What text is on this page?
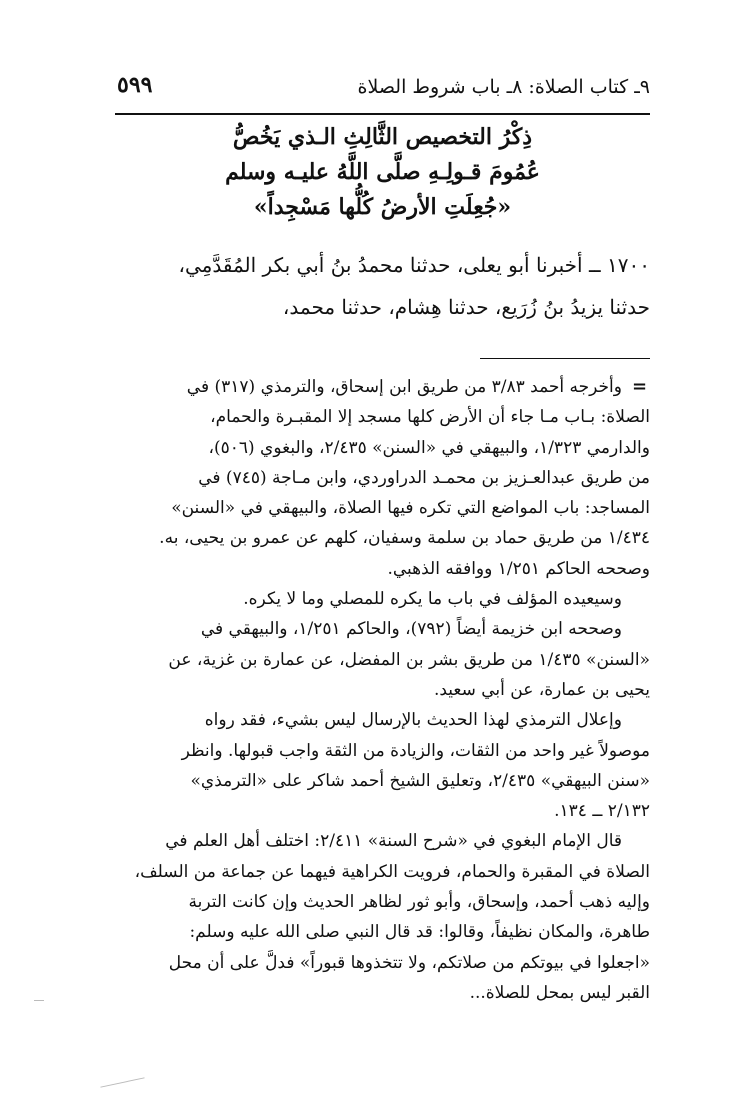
٩ـ كتاب الصلاة: ٨ـ باب شروط الصلاة
٥٩٩
ذِكْرُ التخصيص الثَّالِثِ الـذي يَخُصُّ
عُمُومَ قـولِـهِ صلَّى اللَّهُ عليـه وسلم
«جُعِلَتِ الأرضُ كُلُّها مَسْجِداً»
١٧٠٠ ــ أخبرنا أبو يعلى، حدثنا محمدُ بنُ أبي بكر المُقَدَّمِي،
حدثنا يزيدُ بنُ زُرَيع، حدثنا هِشام، حدثنا محمد،
=
وأخرجه أحمد ٣/٨٣ من طريق ابن إسحاق، والترمذي (٣١٧) في
الصلاة: بـاب مـا جاء أن الأرض كلها مسجد إلا المقبـرة والحمام،
والدارمي ١/٣٢٣، والبيهقي في «السنن» ٢/٤٣٥، والبغوي (٥٠٦)،
من طريق عبدالعـزيز بن محمـد الدراوردي، وابن مـاجة (٧٤٥) في
المساجد: باب المواضع التي تكره فيها الصلاة، والبيهقي في «السنن»
١/٤٣٤ من طريق حماد بن سلمة وسفيان، كلهم عن عمرو بن يحيى، به.
وصححه الحاكم ١/٢٥١ ووافقه الذهبي.
وسيعيده المؤلف في باب ما يكره للمصلي وما لا يكره.
وصححه ابن خزيمة أيضاً (٧٩٢)، والحاكم ١/٢٥١، والبيهقي في
«السنن» ١/٤٣٥ من طريق بشر بن المفضل، عن عمارة بن غزية، عن
يحيى بن عمارة، عن أبي سعيد.
وإعلال الترمذي لهذا الحديث بالإرسال ليس بشيء، فقد رواه
موصولاً غير واحد من الثقات، والزيادة من الثقة واجب قبولها. وانظر
«سنن البيهقي» ٢/٤٣٥، وتعليق الشيخ أحمد شاكر على «الترمذي»
٢/١٣٢ ــ ١٣٤.
قال الإمام البغوي في «شرح السنة» ٢/٤١١: اختلف أهل العلم في
الصلاة في المقبرة والحمام، فرويت الكراهية فيهما عن جماعة من السلف،
وإليه ذهب أحمد، وإسحاق، وأبو ثور لظاهر الحديث وإن كانت التربة
طاهرة، والمكان نظيفاً، وقالوا: قد قال النبي صلى الله عليه وسلم:
«اجعلوا في بيوتكم من صلاتكم، ولا تتخذوها قبوراً» فدلَّ على أن محل
القبر ليس بمحل للصلاة...
